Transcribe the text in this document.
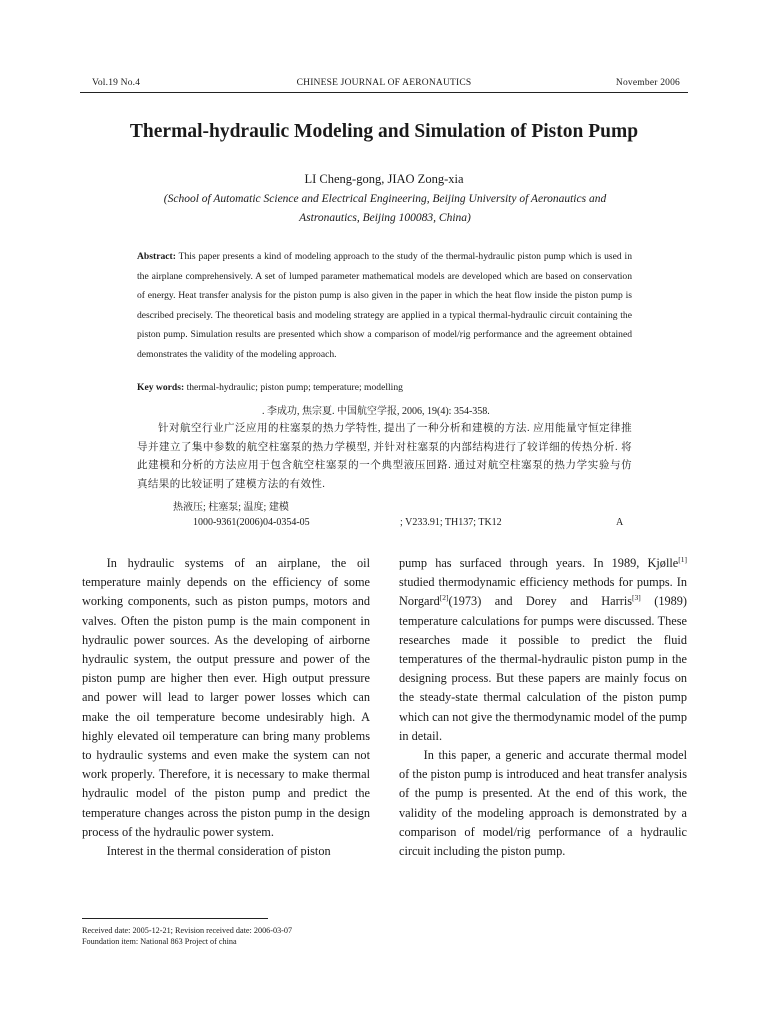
Vol.19 No.4	CHINESE JOURNAL OF AERONAUTICS	November 2006
Thermal-hydraulic Modeling and Simulation of Piston Pump
LI Cheng-gong, JIAO Zong-xia
(School of Automatic Science and Electrical Engineering, Beijing University of Aeronautics and Astronautics, Beijing 100083, China)
Abstract: This paper presents a kind of modeling approach to the study of the thermal-hydraulic piston pump which is used in the airplane comprehensively. A set of lumped parameter mathematical models are developed which are based on conservation of energy. Heat transfer analysis for the piston pump is also given in the paper in which the heat flow inside the piston pump is described precisely. The theoretical basis and modeling strategy are applied in a typical thermal-hydraulic circuit containing the piston pump. Simulation results are presented which show a comparison of model/rig performance and the agreement obtained demonstrates the validity of the modeling approach.
Key words: thermal-hydraulic; piston pump; temperature; modelling
. 李成功, 焦宗夏. 中国航空学报, 2006, 19(4): 354-358.
针对航空行业广泛应用的柱塞泵的热力学特性, 提出了一种分析和建模的方法. 应用能量守恒定律推导并建立了集中参数的航空柱塞泵的热力学模型, 并针对柱塞泵的内部结构进行了较详细的传热分析. 将此建模和分析的方法应用于包含航空柱塞泵的一个典型液压回路. 通过对航空柱塞泵的热力学实验与仿真结果的比较证明了建模方法的有效性.
热液压; 柱塞泵; 温度; 建模
1000-9361(2006)04-0354-05	; V233.91; TH137; TK12	A

In hydraulic systems of an airplane, the oil temperature mainly depends on the efficiency of some working components, such as piston pumps, motors and valves. Often the piston pump is the main component in hydraulic power sources. As the developing of airborne hydraulic system, the output pressure and power of the piston pump are higher then ever. High output pressure and power will lead to larger power losses which can make the oil temperature become undesirably high. A highly elevated oil temperature can bring many problems to hydraulic systems and even make the system can not work properly. Therefore, it is necessary to make thermal hydraulic model of the piston pump and predict the temperature changes across the piston pump in the design process of the hydraulic power system.

Interest in the thermal consideration of piston

pump has surfaced through years. In 1989, Kjølle[1] studied thermodynamic efficiency methods for pumps. In Norgard[2](1973) and Dorey and Harris[3] (1989) temperature calculations for pumps were discussed. These researches made it possible to predict the fluid temperatures of the thermal-hydraulic piston pump in the designing process. But these papers are mainly focus on the steady-state thermal calculation of the piston pump which can not give the thermodynamic model of the pump in detail.

In this paper, a generic and accurate thermal model of the piston pump is introduced and heat transfer analysis of the pump is presented. At the end of this work, the validity of the modeling approach is demonstrated by a comparison of model/rig performance of a hydraulic circuit including the piston pump.

Received date: 2005-12-21; Revision received date: 2006-03-07
Foundation item: National 863 Project of china
